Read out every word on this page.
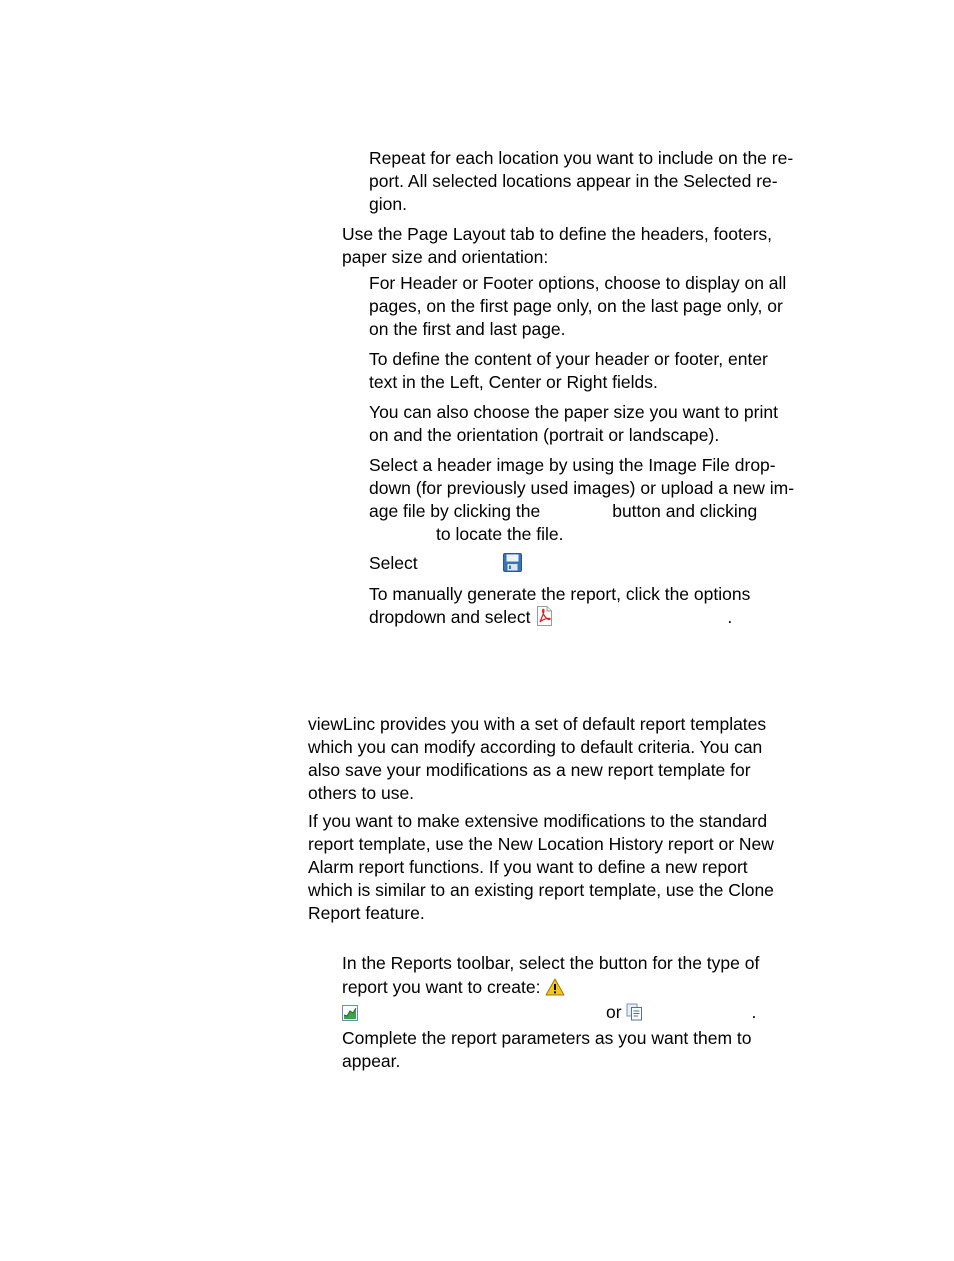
Repeat for each location you want to include on the re-
port. All selected locations appear in the Selected re-
gion.
Use the Page Layout tab to define the headers, footers,
paper size and orientation:
For Header or Footer options, choose to display on all
pages, on the first page only, on the last page only, or
on the first and last page.
To define the content of your header or footer, enter
text in the Left, Center or Right fields.
You can also choose the paper size you want to print
on and the orientation (portrait or landscape).
Select a header image by using the Image File drop-
down (for previously used images) or upload a new im-
age file by clicking the	button and clicking
to locate the file.
Select
To manually generate the report, click the options
dropdown and select	.
viewLinc provides you with a set of default report templates
which you can modify according to default criteria. You can
also save your modifications as a new report template for
others to use.
If you want to make extensive modifications to the standard
report template, use the New Location History report or New
Alarm report functions. If you want to define a new report
which is similar to an existing report template, use the Clone
Report feature.
In the Reports toolbar, select the button for the type of
report you want to create:
or	.
Complete the report parameters as you want them to
appear.
